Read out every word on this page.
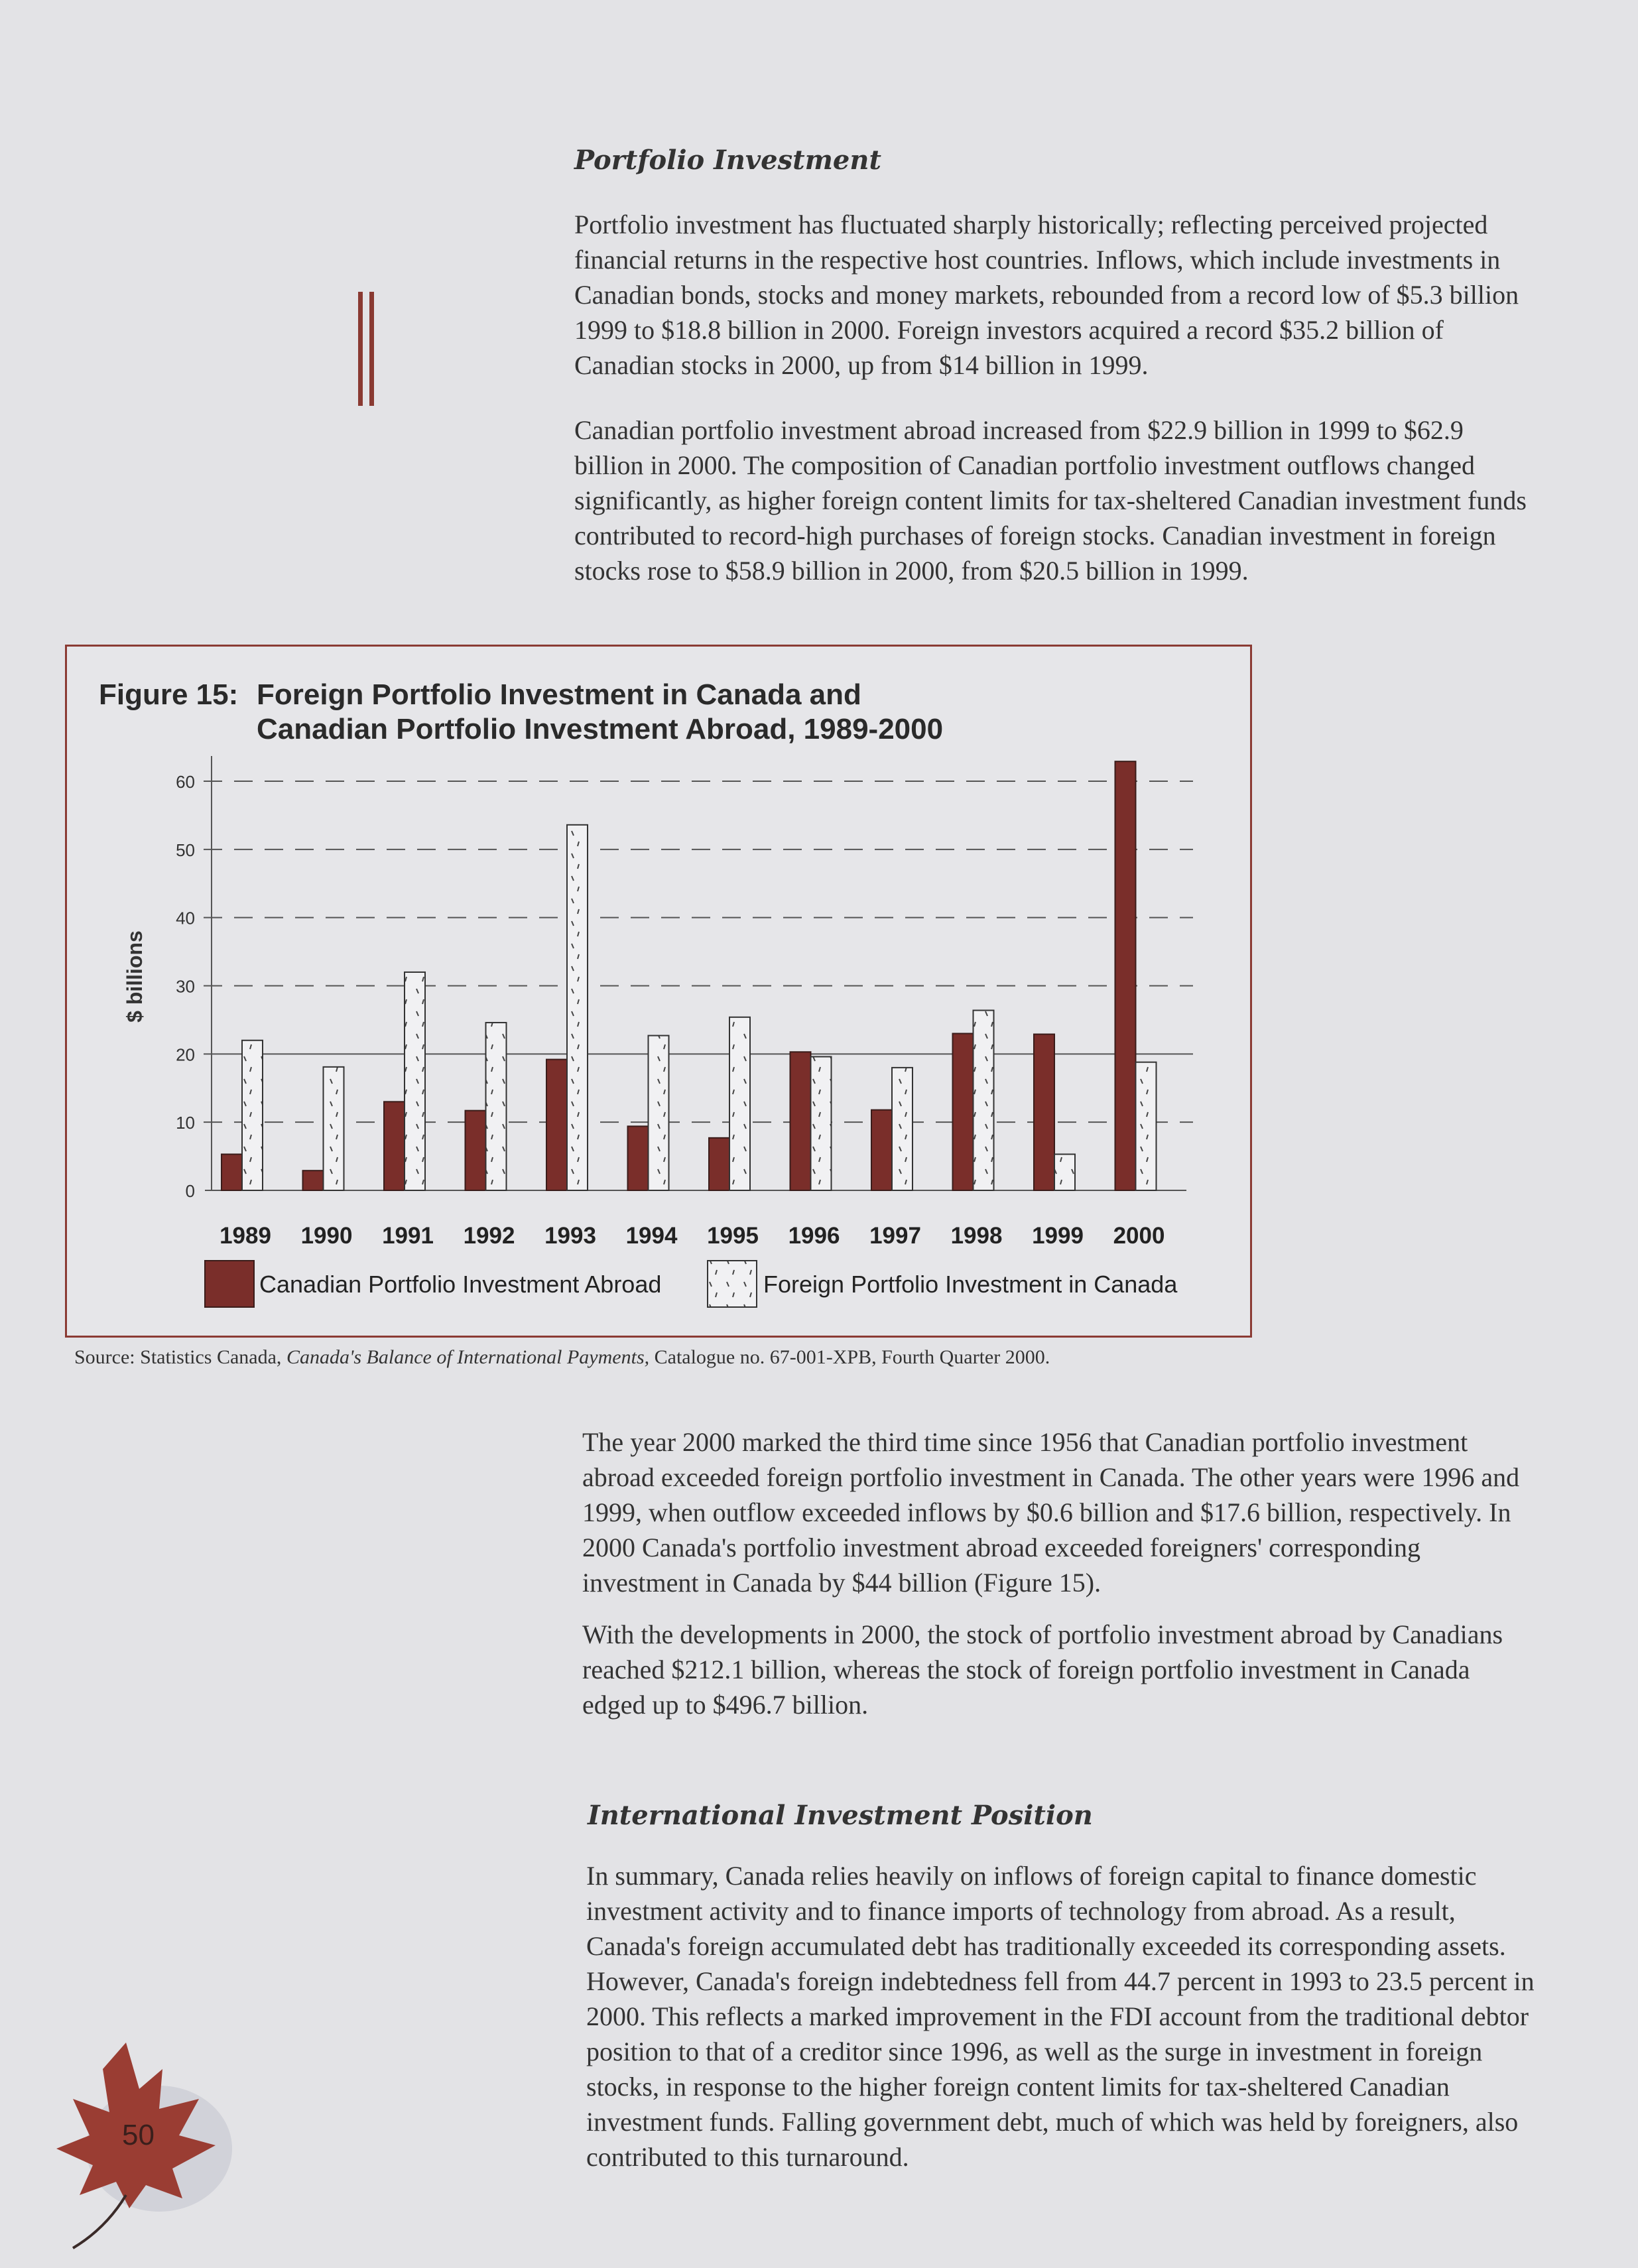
Portfolio Investment

Portfolio investment has fluctuated sharply historically; reflecting perceived projected financial returns in the respective host countries. Inflows, which include investments in Canadian bonds, stocks and money markets, rebounded from a record low of $5.3 billion 1999 to $18.8 billion in 2000. Foreign investors acquired a record $35.2 billion of Canadian stocks in 2000, up from $14 billion in 1999.

Canadian portfolio investment abroad increased from $22.9 billion in 1999 to $62.9 billion in 2000. The composition of Canadian portfolio investment outflows changed significantly, as higher foreign content limits for tax-sheltered Canadian investment funds contributed to record-high purchases of foreign stocks. Canadian investment in foreign stocks rose to $58.9 billion in 2000, from $20.5 billion in 1999.

Figure 15: Foreign Portfolio Investment in Canada and
Canadian Portfolio Investment Abroad, 1989-2000
0
10
20
30
40
50
60
$ billions
1989 1990 1991 1992 1993 1994 1995 1996 1997 1998 1999 2000
Canadian Portfolio Investment Abroad	Foreign Portfolio Investment in Canada

Source: Statistics Canada, Canada's Balance of International Payments, Catalogue no. 67-001-XPB, Fourth Quarter 2000.

The year 2000 marked the third time since 1956 that Canadian portfolio investment abroad exceeded foreign portfolio investment in Canada. The other years were 1996 and 1999, when outflow exceeded inflows by $0.6 billion and $17.6 billion, respectively. In 2000 Canada's portfolio investment abroad exceeded foreigners' corresponding investment in Canada by $44 billion (Figure 15).

With the developments in 2000, the stock of portfolio investment abroad by Canadians reached $212.1 billion, whereas the stock of foreign portfolio investment in Canada edged up to $496.7 billion.

International Investment Position

In summary, Canada relies heavily on inflows of foreign capital to finance domestic investment activity and to finance imports of technology from abroad. As a result, Canada's foreign accumulated debt has traditionally exceeded its corresponding assets. However, Canada's foreign indebtedness fell from 44.7 percent in 1993 to 23.5 percent in 2000. This reflects a marked improvement in the FDI account from the traditional debtor position to that of a creditor since 1996, as well as the surge in investment in foreign stocks, in response to the higher foreign content limits for tax-sheltered Canadian investment funds. Falling government debt, much of which was held by foreigners, also contributed to this turnaround.

50
